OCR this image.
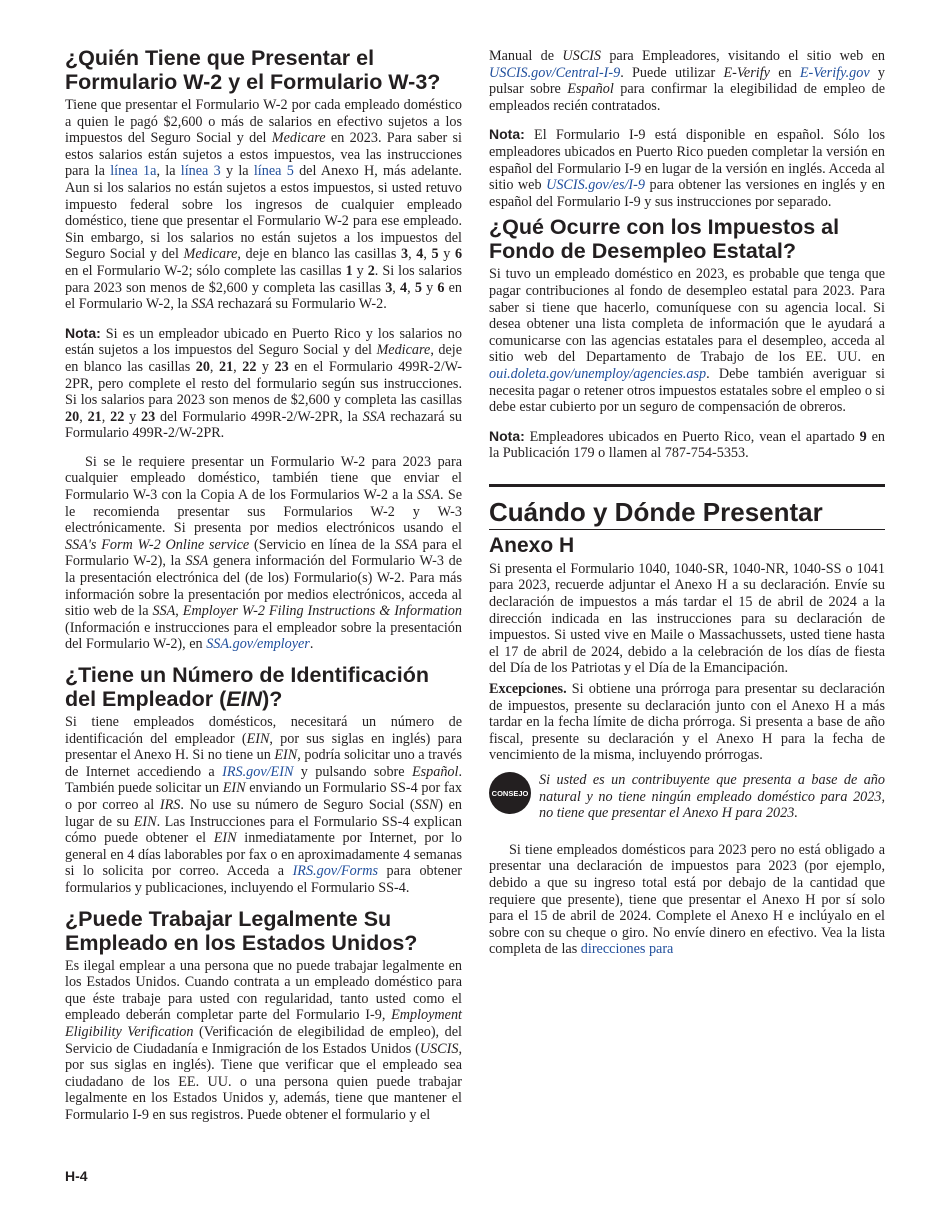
¿Quién Tiene que Presentar el Formulario W-2 y el Formulario W-3?

Tiene que presentar el Formulario W-2 por cada empleado doméstico a quien le pagó $2,600 o más de salarios en efectivo sujetos a los impuestos del Seguro Social y del Medicare en 2023. Para saber si estos salarios están sujetos a estos impuestos, vea las instrucciones para la línea 1a, la línea 3 y la línea 5 del Anexo H, más adelante. Aun si los salarios no están sujetos a estos impuestos, si usted retuvo impuesto federal sobre los ingresos de cualquier empleado doméstico, tiene que presentar el Formulario W-2 para ese empleado. Sin embargo, si los salarios no están sujetos a los impuestos del Seguro Social y del Medicare, deje en blanco las casillas 3, 4, 5 y 6 en el Formulario W-2; sólo complete las casillas 1 y 2. Si los salarios para 2023 son menos de $2,600 y completa las casillas 3, 4, 5 y 6 en el Formulario W-2, la SSA rechazará su Formulario W-2.

Nota: Si es un empleador ubicado en Puerto Rico y los salarios no están sujetos a los impuestos del Seguro Social y del Medicare, deje en blanco las casillas 20, 21, 22 y 23 en el Formulario 499R-2/W-2PR, pero complete el resto del formulario según sus instrucciones. Si los salarios para 2023 son menos de $2,600 y completa las casillas 20, 21, 22 y 23 del Formulario 499R-2/W-2PR, la SSA rechazará su Formulario 499R-2/W-2PR.

Si se le requiere presentar un Formulario W-2 para 2023 para cualquier empleado doméstico, también tiene que enviar el Formulario W-3 con la Copia A de los Formularios W-2 a la SSA. Se le recomienda presentar sus Formularios W-2 y W-3 electrónicamente. Si presenta por medios electrónicos usando el SSA's Form W-2 Online service (Servicio en línea de la SSA para el Formulario W-2), la SSA genera información del Formulario W-3 de la presentación electrónica del (de los) Formulario(s) W-2. Para más información sobre la presentación por medios electrónicos, acceda al sitio web de la SSA, Employer W-2 Filing Instructions & Information (Información e instrucciones para el empleador sobre la presentación del Formulario W-2), en SSA.gov/employer.

¿Tiene un Número de Identificación del Empleador (EIN)?

Si tiene empleados domésticos, necesitará un número de identificación del empleador (EIN, por sus siglas en inglés) para presentar el Anexo H. Si no tiene un EIN, podría solicitar uno a través de Internet accediendo a IRS.gov/EIN y pulsando sobre Español. También puede solicitar un EIN enviando un Formulario SS-4 por fax o por correo al IRS. No use su número de Seguro Social (SSN) en lugar de su EIN. Las Instrucciones para el Formulario SS-4 explican cómo puede obtener el EIN inmediatamente por Internet, por lo general en 4 días laborables por fax o en aproximadamente 4 semanas si lo solicita por correo. Acceda a IRS.gov/Forms para obtener formularios y publicaciones, incluyendo el Formulario SS-4.

¿Puede Trabajar Legalmente Su Empleado en los Estados Unidos?

Es ilegal emplear a una persona que no puede trabajar legalmente en los Estados Unidos. Cuando contrata a un empleado doméstico para que éste trabaje para usted con regularidad, tanto usted como el empleado deberán completar parte del Formulario I-9, Employment Eligibility Verification (Verificación de elegibilidad de empleo), del Servicio de Ciudadanía e Inmigración de los Estados Unidos (USCIS, por sus siglas en inglés). Tiene que verificar que el empleado sea ciudadano de los EE. UU. o una persona quien puede trabajar legalmente en los Estados Unidos y, además, tiene que mantener el Formulario I-9 en sus registros. Puede obtener el formulario y el

Nota: El Formulario I-9 está disponible en español. Sólo los empleadores ubicados en Puerto Rico pueden completar la versión en español del Formulario I-9 en lugar de la versión en inglés. Acceda al sitio web USCIS.gov/es/I-9 para obtener las versiones en inglés y en español del Formulario I-9 y sus instrucciones por separado.

¿Qué Ocurre con los Impuestos al Fondo de Desempleo Estatal?

Si tuvo un empleado doméstico en 2023, es probable que tenga que pagar contribuciones al fondo de desempleo estatal para 2023. Para saber si tiene que hacerlo, comuníquese con su agencia local. Si desea obtener una lista completa de información que le ayudará a comunicarse con las agencias estatales para el desempleo, acceda al sitio web del Departamento de Trabajo de los EE. UU. en oui.doleta.gov/unemploy/agencies.asp. Debe también averiguar si necesita pagar o retener otros impuestos estatales sobre el empleo o si debe estar cubierto por un seguro de compensación de obreros.

Nota: Empleadores ubicados en Puerto Rico, vean el apartado 9 en la Publicación 179 o llamen al 787-754-5353.

Cuándo y Dónde Presentar
Anexo H

Si presenta el Formulario 1040, 1040-SR, 1040-NR, 1040-SS o 1041 para 2023, recuerde adjuntar el Anexo H a su declaración. Envíe su declaración de impuestos a más tardar el 15 de abril de 2024 a la dirección indicada en las instrucciones para su declaración de impuestos. Si usted vive en Maile o Massachussets, usted tiene hasta el 17 de abril de 2024, debido a la celebración de los días de fiesta del Día de los Patriotas y el Día de la Emancipación.

Excepciones. Si obtiene una prórroga para presentar su declaración de impuestos, presente su declaración junto con el Anexo H a más tardar en la fecha límite de dicha prórroga. Si presenta a base de año fiscal, presente su declaración y el Anexo H para la fecha de vencimiento de la misma, incluyendo prórrogas.

CONSEJO

Si usted es un contribuyente que presenta a base de año natural y no tiene ningún empleado doméstico para 2023, no tiene que presentar el Anexo H para 2023.

Si tiene empleados domésticos para 2023 pero no está obligado a presentar una declaración de impuestos para 2023 (por ejemplo, debido a que su ingreso total está por debajo de la cantidad que requiere que presente), tiene que presentar el Anexo H por sí solo para el 15 de abril de 2024. Complete el Anexo H e inclúyalo en el sobre con su cheque o giro. No envíe dinero en efectivo. Vea la lista completa de las direcciones para

Manual de USCIS para Empleadores, visitando el sitio web en USCIS.gov/Central-I-9. Puede utilizar E-Verify en E-Verify.gov y pulsar sobre Español para confirmar la elegibilidad de empleo de empleados recién contratados.

H-4
